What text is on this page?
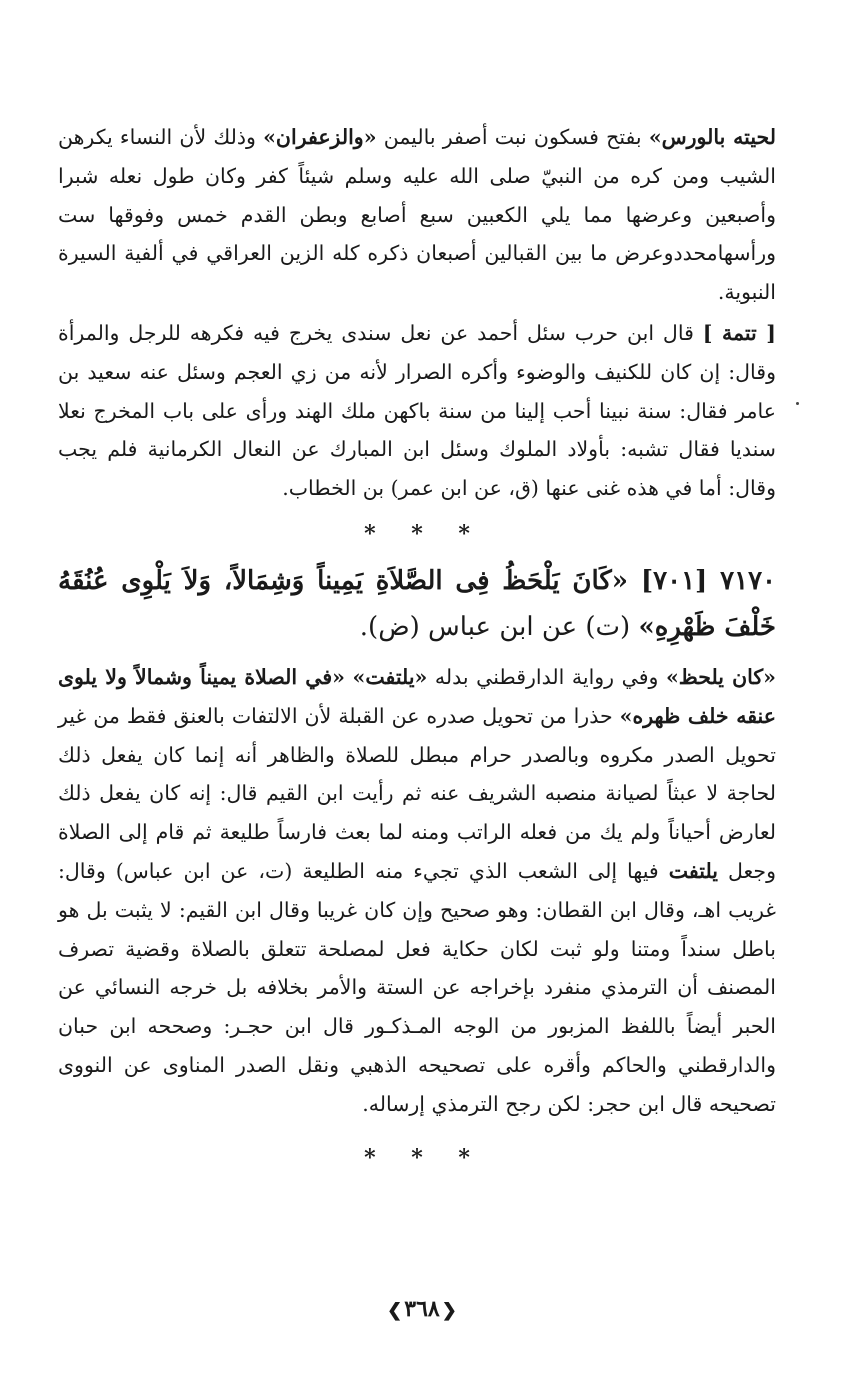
لحيته بالورس» بفتح فسكون نبت أصفر باليمن «والزعفران» وذلك لأن النساء يكرهن الشيب ومن كره من النبيّ صلى الله عليه وسلم شيئاً كفر وكان طول نعله شبرا وأصبعين وعرضها مما يلي الكعبين سبع أصابع وبطن القدم خمس وفوقها ست ورأسهامحددوعرض ما بين القبالين أصبعان ذكره كله الزين العراقي في ألفية السيرة النبوية.

[ تتمة ] قال ابن حرب سئل أحمد عن نعل سندى يخرج فيه فكرهه للرجل والمرأة وقال: إن كان للكنيف والوضوء وأكره الصرار لأنه من زي العجم وسئل عنه سعيد بن عامر فقال: سنة نبينا أحب إلينا من سنة باكهن ملك الهند ورأى على باب المخرج نعلا سنديا فقال تشبه: بأولاد الملوك وسئل ابن المبارك عن النعال الكرمانية فلم يجب وقال: أما في هذه غنى عنها (ق، عن ابن عمر) بن الخطاب.

* * *

٧١٧٠ [٧٠١] «كَانَ يَلْحَظُ فِى الصَّلاَةِ يَمِيناً وَشِمَالاً، وَلاَ يَلْوِى عُنُقَهُ خَلْفَ ظَهْرِهِ» (ت) عن ابن عباس (ض).

«كان يلحظ» وفي رواية الدارقطني بدله «يلتفت» «في الصلاة يميناً وشمالاً ولا يلوى عنقه خلف ظهره» حذرا من تحويل صدره عن القبلة لأن الالتفات بالعنق فقط من غير تحويل الصدر مكروه وبالصدر حرام مبطل للصلاة والظاهر أنه إنما كان يفعل ذلك لحاجة لا عبثاً لصيانة منصبه الشريف عنه ثم رأيت ابن القيم قال: إنه كان يفعل ذلك لعارض أحياناً ولم يك من فعله الراتب ومنه لما بعث فارساً طليعة ثم قام إلى الصلاة وجعل يلتفت فيها إلى الشعب الذي تجيء منه الطليعة (ت، عن ابن عباس) وقال: غريب اهـ، وقال ابن القطان: وهو صحيح وإن كان غريبا وقال ابن القيم: لا يثبت بل هو باطل سنداً ومتنا ولو ثبت لكان حكاية فعل لمصلحة تتعلق بالصلاة وقضية تصرف المصنف أن الترمذي منفرد بإخراجه عن الستة والأمر بخلافه بل خرجه النسائي عن الحبر أيضاً باللفظ المزبور من الوجه المـذكـور قال ابن حجـر: وصححه ابن حبان والدارقطني والحاكم وأقره على تصحيحه الذهبي ونقل الصدر المناوى عن النووى تصحيحه قال ابن حجر: لكن رجح الترمذي إرساله.

* * *
❮٣٦٨ ❯
